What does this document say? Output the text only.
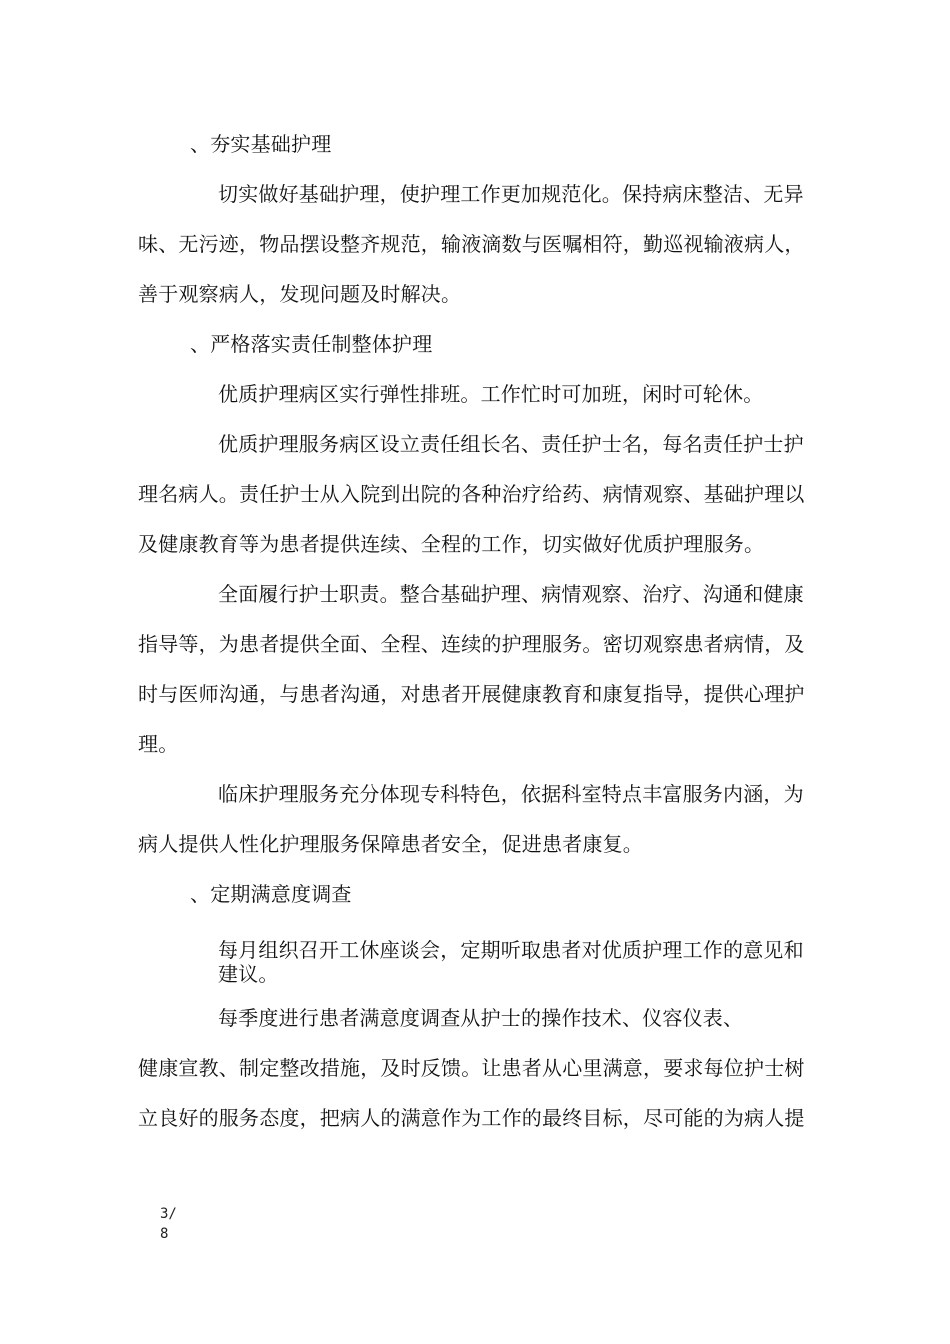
、夯实基础护理
切实做好基础护理，使护理工作更加规范化。保持病床整洁、无异
味、无污迹，物品摆设整齐规范，输液滴数与医嘱相符，勤巡视输液病人，
善于观察病人，发现问题及时解决。
、严格落实责任制整体护理
优质护理病区实行弹性排班。工作忙时可加班，闲时可轮休。
优质护理服务病区设立责任组长名、责任护士名，每名责任护士护
理名病人。责任护士从入院到出院的各种治疗给药、病情观察、基础护理以
及健康教育等为患者提供连续、全程的工作，切实做好优质护理服务。
全面履行护士职责。整合基础护理、病情观察、治疗、沟通和健康
指导等，为患者提供全面、全程、连续的护理服务。密切观察患者病情，及
时与医师沟通，与患者沟通，对患者开展健康教育和康复指导，提供心理护
理。
临床护理服务充分体现专科特色，依据科室特点丰富服务内涵，为
病人提供人性化护理服务保障患者安全，促进患者康复。
、定期满意度调查
每月组织召开工休座谈会，定期听取患者对优质护理工作的意见和
建议。
每季度进行患者满意度调查从护士的操作技术、仪容仪表、
健康宣教、制定整改措施，及时反馈。让患者从心里满意，要求每位护士树
立良好的服务态度，把病人的满意作为工作的最终目标，尽可能的为病人提
3/
8
